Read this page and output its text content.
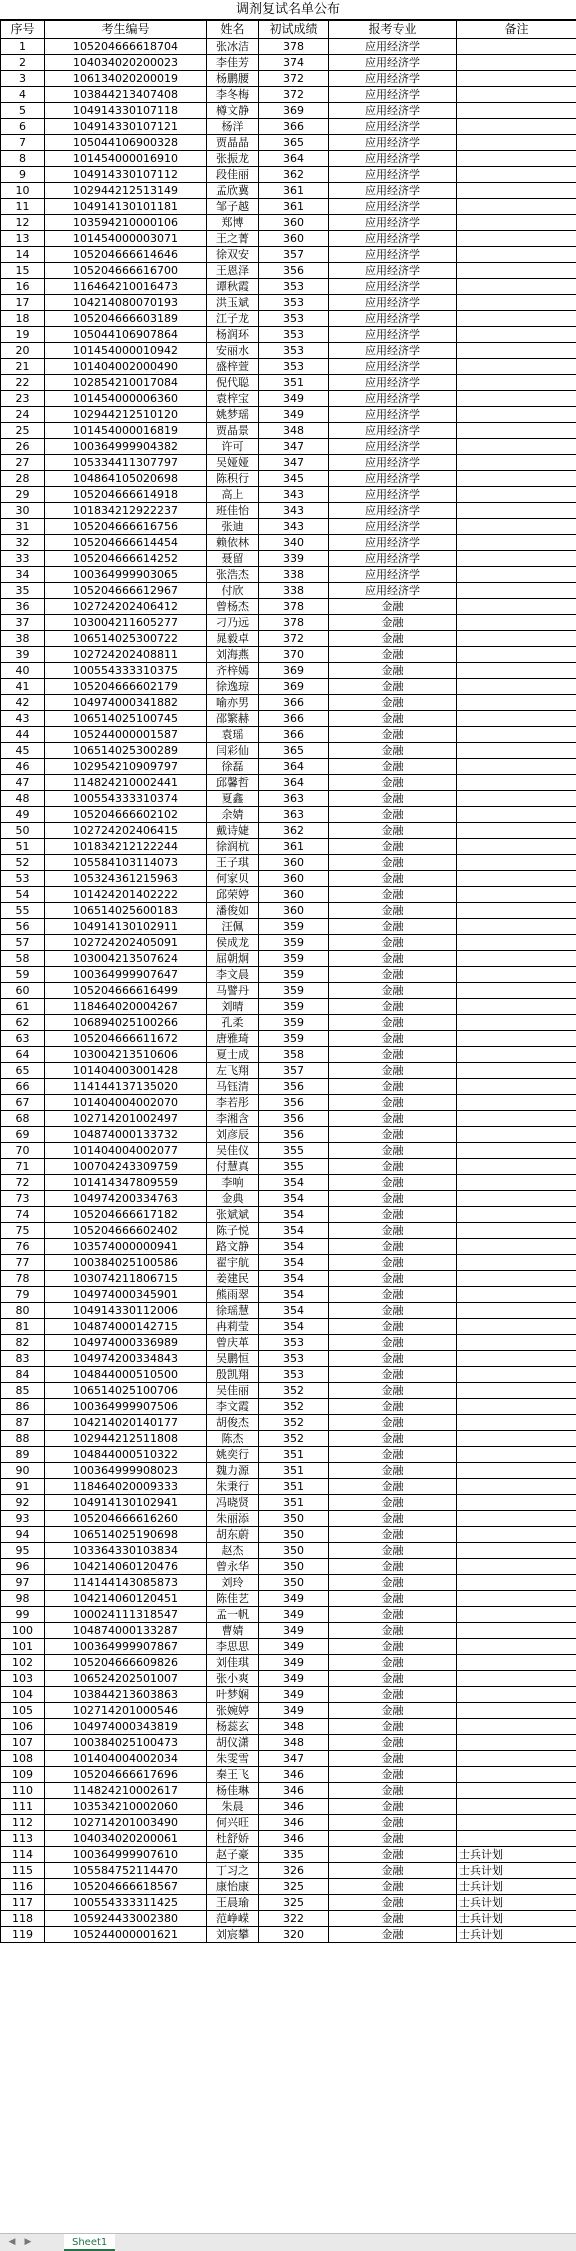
调剂复试名单公布
序号	考生编号	姓名	初试成绩	报考专业	备注
1	105204666618704	张冰洁	378	应用经济学	
2	104034020200023	李佳芳	374	应用经济学	
3	106134020200019	杨鹏腰	372	应用经济学	
4	103844213407408	李冬梅	372	应用经济学	
5	104914330107118	樽文静	369	应用经济学	
6	104914330107121	杨洋	366	应用经济学	
7	105044106900328	贾晶晶	365	应用经济学	
8	101454000016910	张振龙	364	应用经济学	
9	104914330107112	段佳丽	362	应用经济学	
10	102944212513149	孟欣冀	361	应用经济学	
11	104914130101181	邹子越	361	应用经济学	
12	103594210000106	郑博	360	应用经济学	
13	101454000003071	王之菁	360	应用经济学	
14	105204666614646	徐双安	357	应用经济学	
15	105204666616700	王恩泽	356	应用经济学	
16	116464210016473	谭秋霞	353	应用经济学	
17	104214080070193	洪玉斌	353	应用经济学	
18	105204666603189	江子龙	353	应用经济学	
19	105044106907864	杨润环	353	应用经济学	
20	101454000010942	安丽水	353	应用经济学	
21	101404002000490	盛梓萱	353	应用经济学	
22	102854210017084	倪代聪	351	应用经济学	
23	101454000006360	袁梓宝	349	应用经济学	
24	102944212510120	姚梦瑶	349	应用经济学	
25	101454000016819	贾晶景	348	应用经济学	
26	100364999904382	许可	347	应用经济学	
27	105334411307797	吴娅娅	347	应用经济学	
28	104864105020698	陈积行	345	应用经济学	
29	105204666614918	高上	343	应用经济学	
30	101834212922237	班佳怡	343	应用经济学	
31	105204666616756	张迪	343	应用经济学	
32	105204666614454	赖依林	340	应用经济学	
33	105204666614252	聂留	339	应用经济学	
34	100364999903065	张浩杰	338	应用经济学	
35	105204666612967	付欣	338	应用经济学	
36	102724202406412	曾杨杰	378	金融	
37	103004211605277	刁乃远	378	金融	
38	106514025300722	晁毅卓	372	金融	
39	102724202408811	刘海燕	370	金融	
40	100554333310375	齐梓嫣	369	金融	
41	105204666602179	徐逸琼	369	金融	
42	104974000341882	喻亦男	366	金融	
43	106514025100745	邵繁赫	366	金融	
44	105244000001587	袁瑶	366	金融	
45	106514025300289	闫彩仙	365	金融	
46	102954210909797	徐磊	364	金融	
47	114824210002441	邱馨哲	364	金融	
48	100554333310374	夏鑫	363	金融	
49	105204666602102	余婧	363	金融	
50	102724202406415	戴诗婕	362	金融	
51	101834212122244	徐润杭	361	金融	
52	105584103114073	王子琪	360	金融	
53	105324361215963	何家贝	360	金融	
54	101424201402222	邱荣婷	360	金融	
55	106514025600183	潘俊如	360	金融	
56	104914130102911	汪佩	359	金融	
57	102724202405091	侯成龙	359	金融	
58	103004213507624	屈朝炯	359	金融	
59	100364999907647	李文晨	359	金融	
60	105204666616499	马譬丹	359	金融	
61	118464020004267	刘晴	359	金融	
62	106894025100266	孔柔	359	金融	
63	105204666611672	唐雅琦	359	金融	
64	103004213510606	夏士成	358	金融	
65	101404003001428	左飞翔	357	金融	
66	114144137135020	马钰清	356	金融	
67	101404004002070	李若彤	356	金融	
68	102714201002497	李湘含	356	金融	
69	104874000133732	刘彦辰	356	金融	
70	101404004002077	吴佳仪	355	金融	
71	100704243309759	付慧真	355	金融	
72	101414347809559	李响	354	金融	
73	104974200334763	金典	354	金融	
74	105204666617182	张斌斌	354	金融	
75	105204666602402	陈子悦	354	金融	
76	103574000000941	路文静	354	金融	
77	100384025100586	翟宇航	354	金融	
78	103074211806715	姜建民	354	金融	
79	104974000345901	熊雨翠	354	金融	
80	104914330112006	徐瑶慧	354	金融	
81	104874000142715	冉莉莹	354	金融	
82	104974000336989	曾庆革	353	金融	
83	104974200334843	吴鹏恒	353	金融	
84	104844000510500	殷凯翔	353	金融	
85	106514025100706	吴佳丽	352	金融	
86	100364999907506	李文霞	352	金融	
87	104214020140177	胡俊杰	352	金融	
88	102944212511808	陈杰	352	金融	
89	104844000510322	姚奕行	351	金融	
90	100364999908023	魏力源	351	金融	
91	118464020009333	朱秉行	351	金融	
92	104914130102941	冯晓贤	351	金融	
93	105204666616260	朱丽添	350	金融	
94	106514025190698	胡东蔚	350	金融	
95	103364330103834	赵杰	350	金融	
96	104214060120476	曾永华	350	金融	
97	114144143085873	刘玲	350	金融	
98	104214060120451	陈佳艺	349	金融	
99	100024111318547	孟一帆	349	金融	
100	104874000133287	曹婧	349	金融	
101	100364999907867	李思思	349	金融	
102	105204666609826	刘佳琪	349	金融	
103	106524202501007	张小爽	349	金融	
104	103844213603863	叶梦娴	349	金融	
105	102714201000546	张婉婷	349	金融	
106	104974000343819	杨蕊玄	348	金融	
107	100384025100473	胡仪潇	348	金融	
108	101404004002034	朱雯雪	347	金融	
109	105204666617696	秦王飞	346	金融	
110	114824210002617	杨佳琳	346	金融	
111	103534210002060	朱晨	346	金融	
112	102714201003490	何兴旺	346	金融	
113	104034020200061	杜舒娇	346	金融	
114	100364999907610	赵子豪	335	金融	士兵计划
115	105584752114470	丁习之	326	金融	士兵计划
116	105204666618567	康怡康	325	金融	士兵计划
117	100554333311425	王晨瑜	325	金融	士兵计划
118	105924433002380	范峥嵘	322	金融	士兵计划
119	105244000001621	刘宸攀	320	金融	士兵计划
◀ ▶	Sheet1
